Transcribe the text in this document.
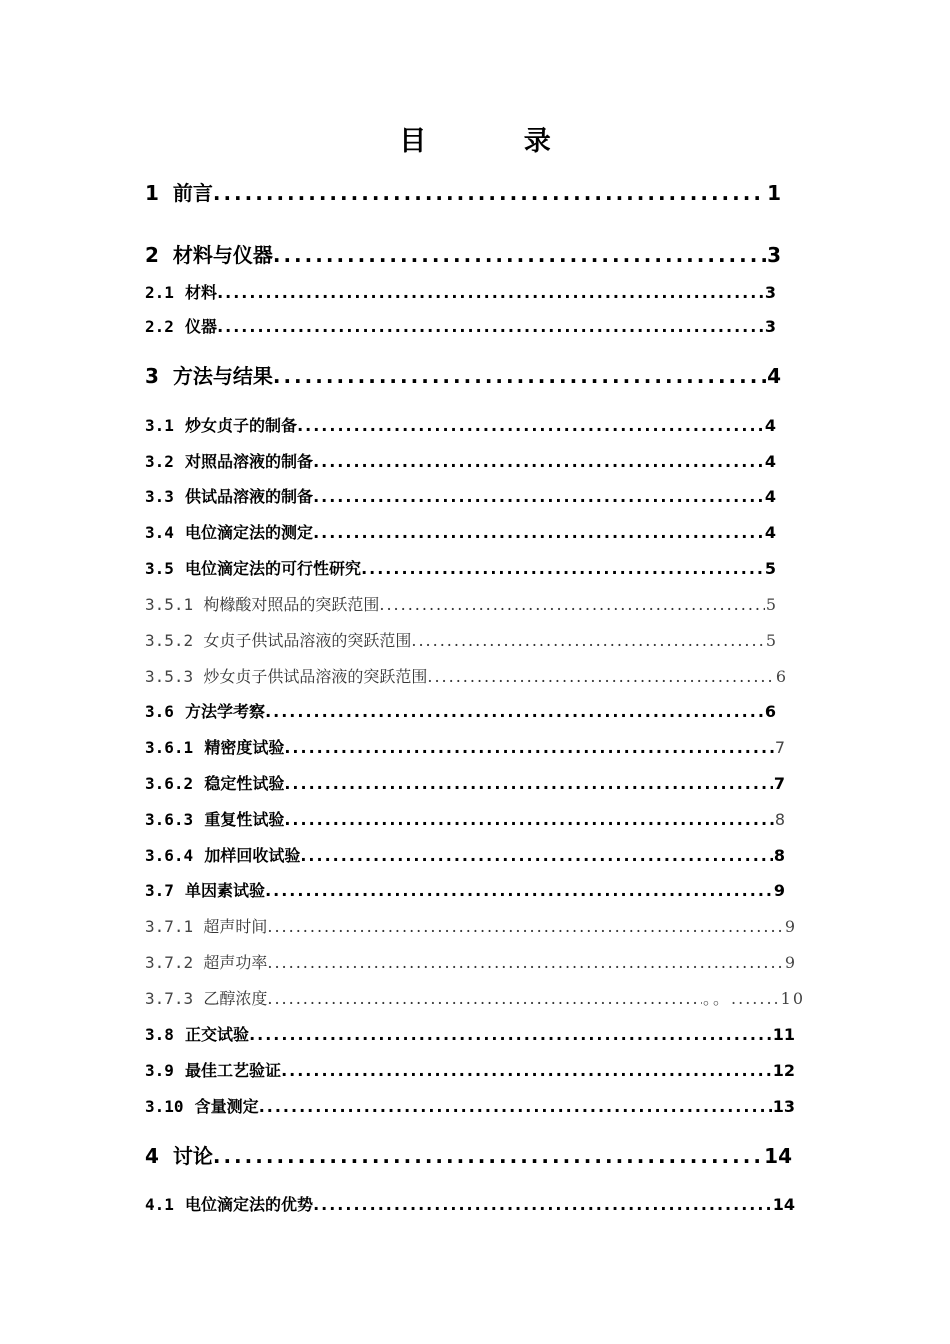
目 录
1 前言 .....	1
2 材料与仪器 .....	3
2.1 材料 .....	3
2.2 仪器 .....	3
3 方法与结果 .....	4
3.1 炒女贞子的制备 .....	4
3.2 对照品溶液的制备 .....	4
3.3 供试品溶液的制备 .....	4
3.4 电位滴定法的测定 .....	4
3.5 电位滴定法的可行性研究 .....	5
3.5.1 枸橼酸对照品的突跃范围 .....	5
3.5.2 女贞子供试品溶液的突跃范围 .....	5
3.5.3 炒女贞子供试品溶液的突跃范围 .....	6
3.6 方法学考察 .....	6
3.6.1 精密度试验 .....	7
3.6.2 稳定性试验 .....	7
3.6.3 重复性试验 .....	8
3.6.4 加样回收试验 .....	8
3.7 单因素试验 .....	9
3.7.1 超声时间 .....	9
3.7.2 超声功率 .....	9
3.7.3 乙醇浓度 .....	。。.......10
3.8 正交试验 .....	11
3.9 最佳工艺验证 .....	12
3.10 含量测定 .....	13
4 讨论 .....	14
4.1 电位滴定法的优势 .....	14
